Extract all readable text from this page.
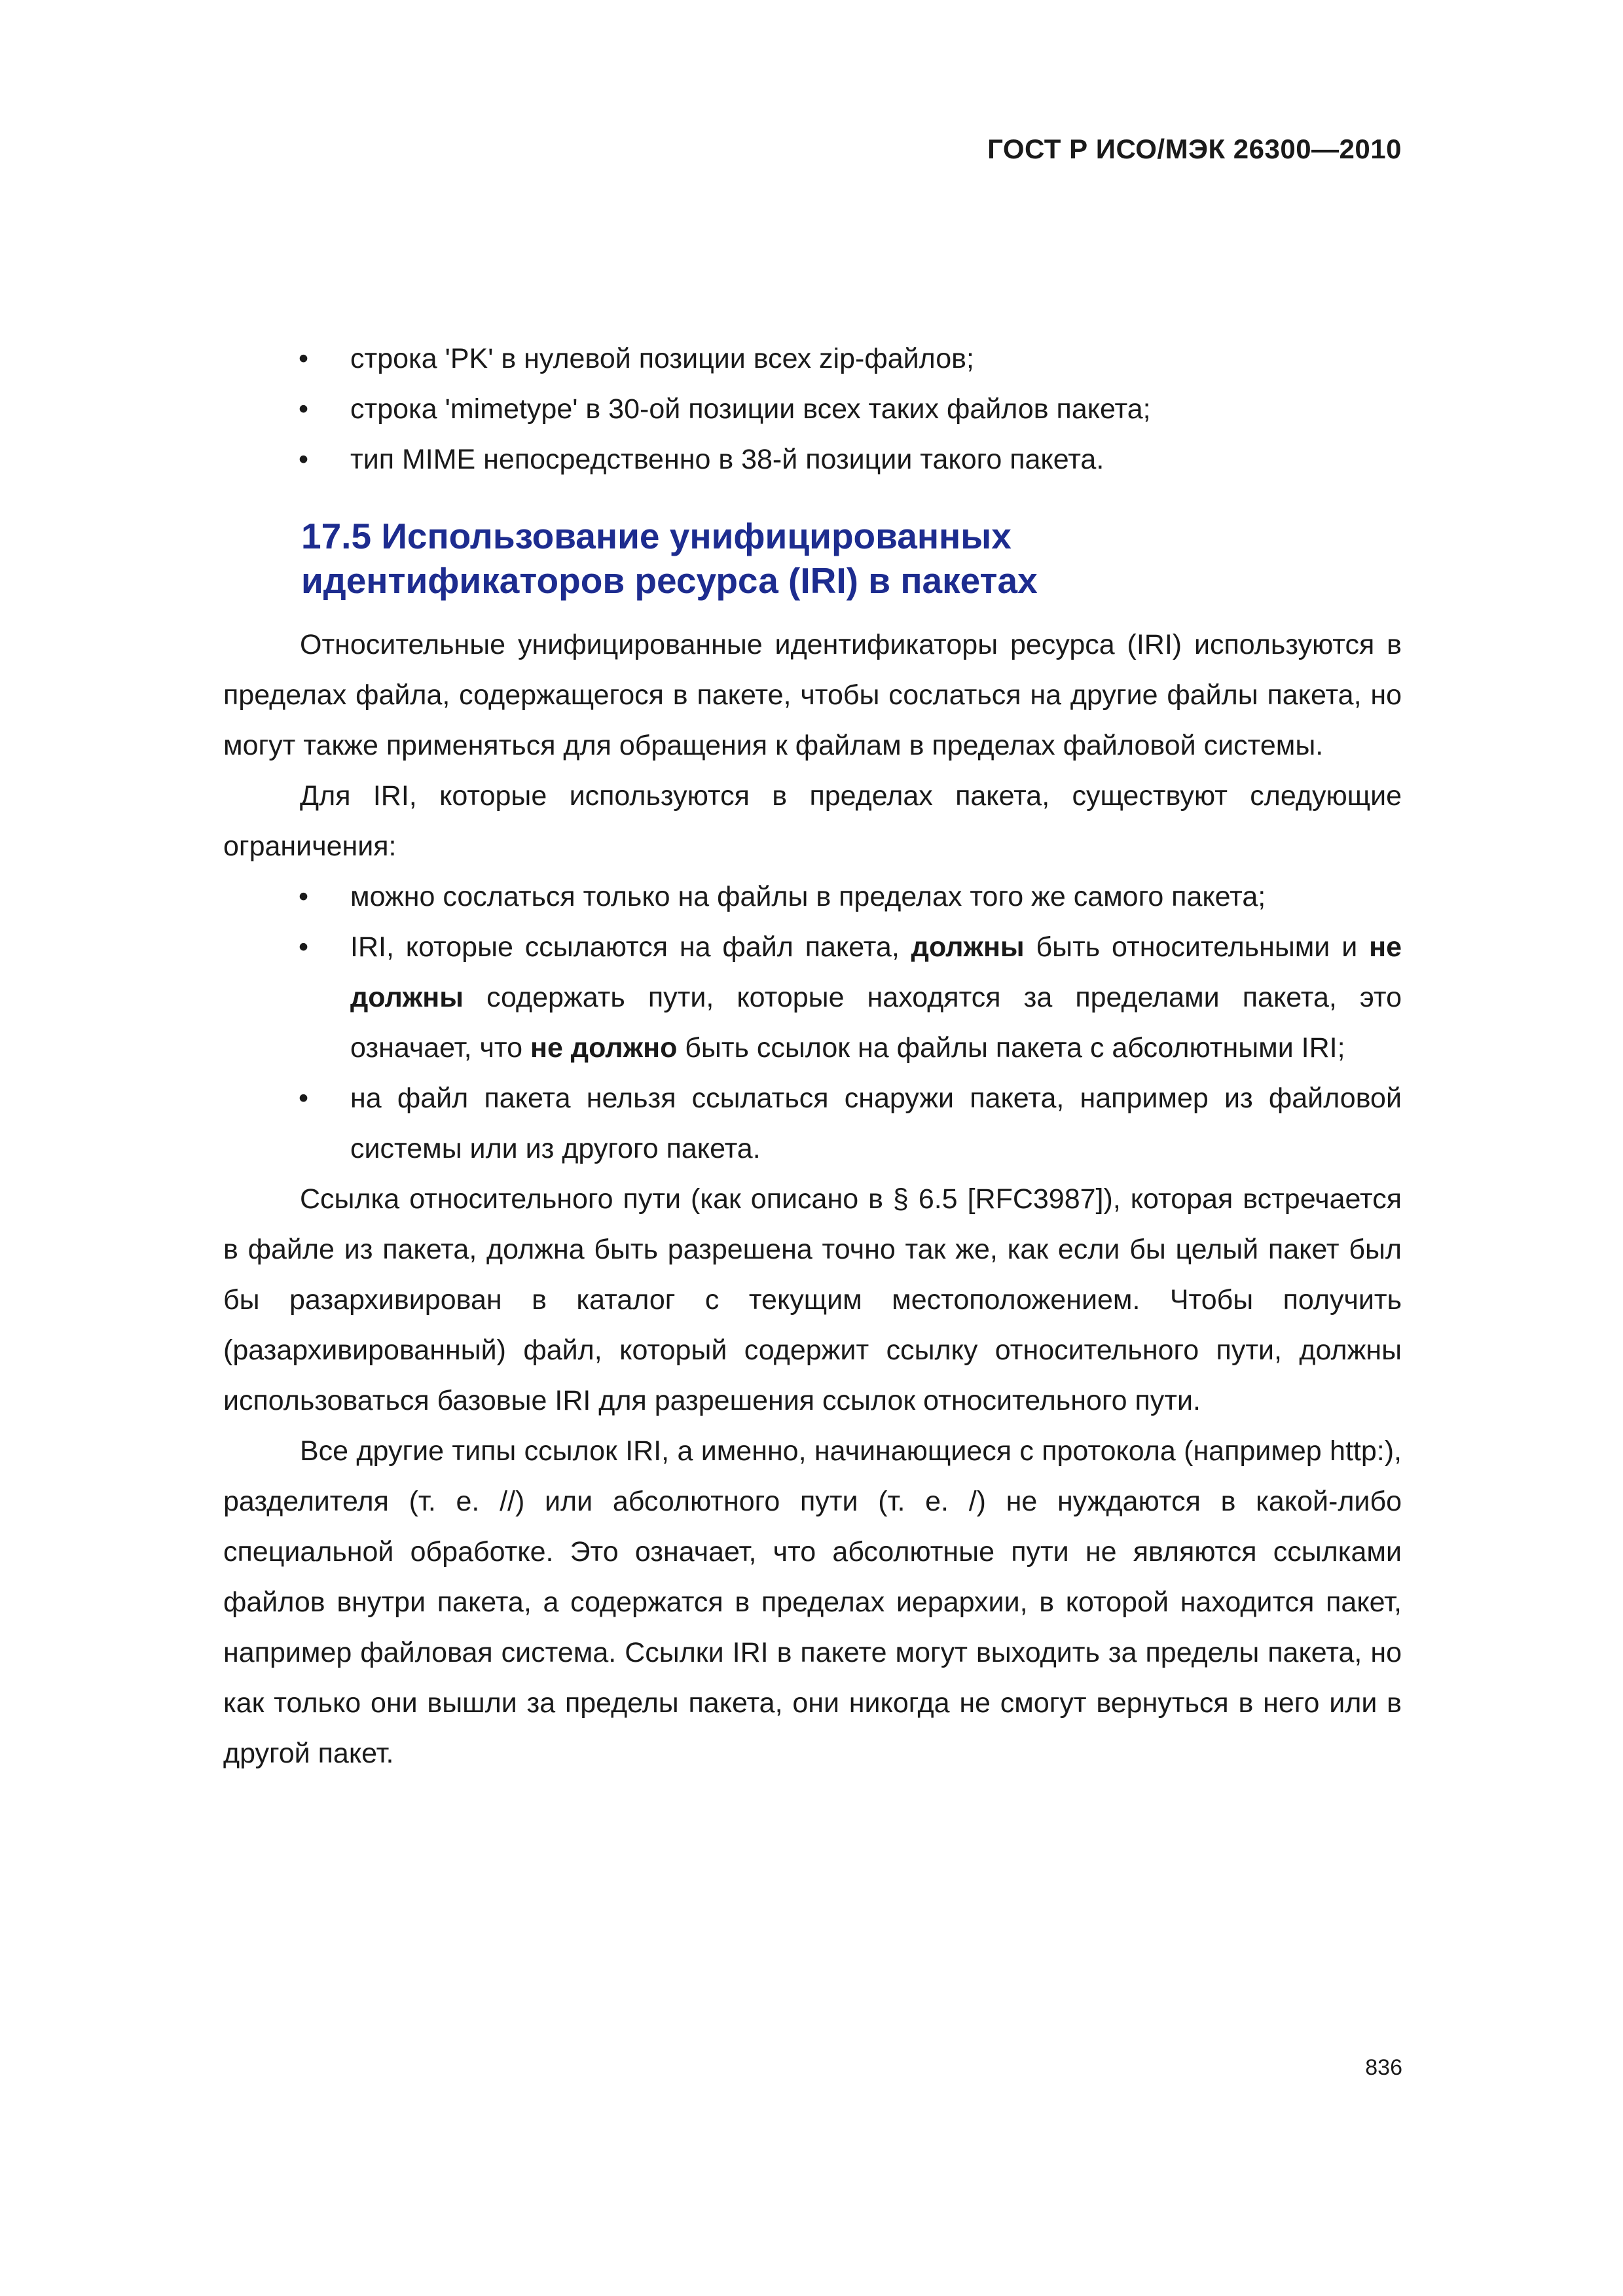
ГОСТ Р ИСО/МЭК 26300—2010
• строка 'PK' в нулевой позиции всех zip-файлов;
• строка 'mimetype' в 30-ой позиции всех таких файлов пакета;
• тип MIME непосредственно в 38-й позиции такого пакета.
17.5 Использование унифицированных
идентификаторов ресурса (IRI) в пакетах

Относительные унифицированные идентификаторы ресурса (IRI) используются в пределах файла, содержащегося в пакете, чтобы сослаться на другие файлы пакета, но могут также применяться для обращения к файлам в пределах файловой системы.

Для IRI, которые используются в пределах пакета, существуют следующие ограничения:

• можно сослаться только на файлы в пределах того же самого пакета;
• IRI, которые ссылаются на файл пакета, должны быть относительными и не должны содержать пути, которые находятся за пределами пакета, это означает, что не должно быть ссылок на файлы пакета с абсолютными IRI;
• на файл пакета нельзя ссылаться снаружи пакета, например из файловой системы или из другого пакета.

Ссылка относительного пути (как описано в § 6.5 [RFC3987]), которая встречается в файле из пакета, должна быть разрешена точно так же, как если бы целый пакет был бы разархивирован в каталог с текущим местоположением. Чтобы получить (разархивированный) файл, который содержит ссылку относительного пути, должны использоваться базовые IRI для разрешения ссылок относительного пути.

Все другие типы ссылок IRI, а именно, начинающиеся с протокола (например http:), разделителя (т. е. //) или абсолютного пути (т. е. /) не нуждаются в какой-либо специальной обработке. Это означает, что абсолютные пути не являются ссылками файлов внутри пакета, а содержатся в пределах иерархии, в которой находится пакет, например файловая система. Ссылки IRI в пакете могут выходить за пределы пакета, но как только они вышли за пределы пакета, они никогда не смогут вернуться в него или в другой пакет.

836
